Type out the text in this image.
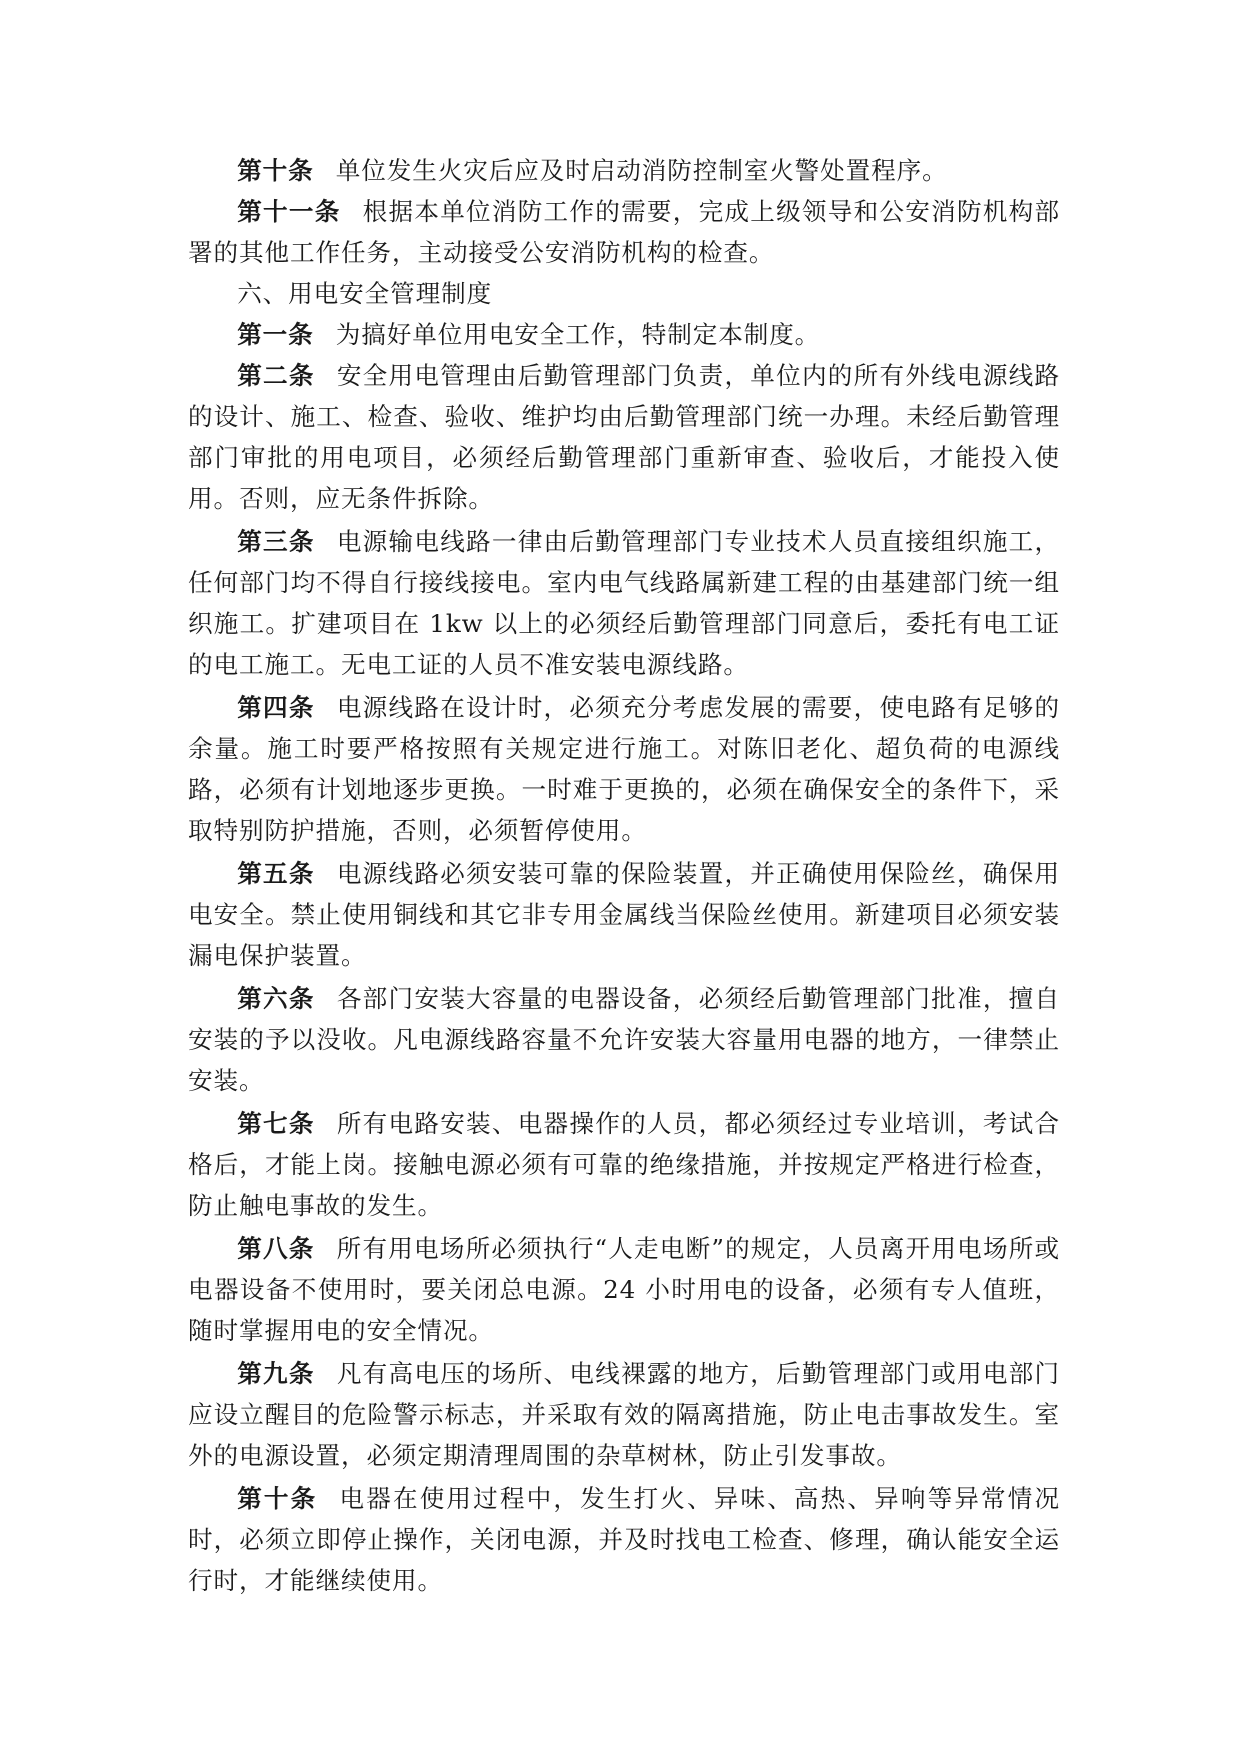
第十条 单位发生火灾后应及时启动消防控制室火警处置程序。

第十一条 根据本单位消防工作的需要，完成上级领导和公安消防机构部署的其他工作任务，主动接受公安消防机构的检查。

六、用电安全管理制度

第一条 为搞好单位用电安全工作，特制定本制度。

第二条 安全用电管理由后勤管理部门负责，单位内的所有外线电源线路的设计、施工、检查、验收、维护均由后勤管理部门统一办理。未经后勤管理部门审批的用电项目，必须经后勤管理部门重新审查、验收后，才能投入使用。否则，应无条件拆除。

第三条 电源输电线路一律由后勤管理部门专业技术人员直接组织施工，任何部门均不得自行接线接电。室内电气线路属新建工程的由基建部门统一组织施工。扩建项目在 1kw 以上的必须经后勤管理部门同意后，委托有电工证的电工施工。无电工证的人员不准安装电源线路。

第四条 电源线路在设计时，必须充分考虑发展的需要，使电路有足够的余量。施工时要严格按照有关规定进行施工。对陈旧老化、超负荷的电源线路，必须有计划地逐步更换。一时难于更换的，必须在确保安全的条件下，采取特别防护措施，否则，必须暂停使用。

第五条 电源线路必须安装可靠的保险装置，并正确使用保险丝，确保用电安全。禁止使用铜线和其它非专用金属线当保险丝使用。新建项目必须安装漏电保护装置。

第六条 各部门安装大容量的电器设备，必须经后勤管理部门批准，擅自安装的予以没收。凡电源线路容量不允许安装大容量用电器的地方，一律禁止安装。

第七条 所有电路安装、电器操作的人员，都必须经过专业培训，考试合格后，才能上岗。接触电源必须有可靠的绝缘措施，并按规定严格进行检查，防止触电事故的发生。

第八条 所有用电场所必须执行“人走电断”的规定，人员离开用电场所或电器设备不使用时，要关闭总电源。24 小时用电的设备，必须有专人值班，随时掌握用电的安全情况。

第九条 凡有高电压的场所、电线裸露的地方，后勤管理部门或用电部门应设立醒目的危险警示标志，并采取有效的隔离措施，防止电击事故发生。室外的电源设置，必须定期清理周围的杂草树林，防止引发事故。

第十条 电器在使用过程中，发生打火、异味、高热、异响等异常情况时，必须立即停止操作，关闭电源，并及时找电工检查、修理，确认能安全运行时，才能继续使用。
